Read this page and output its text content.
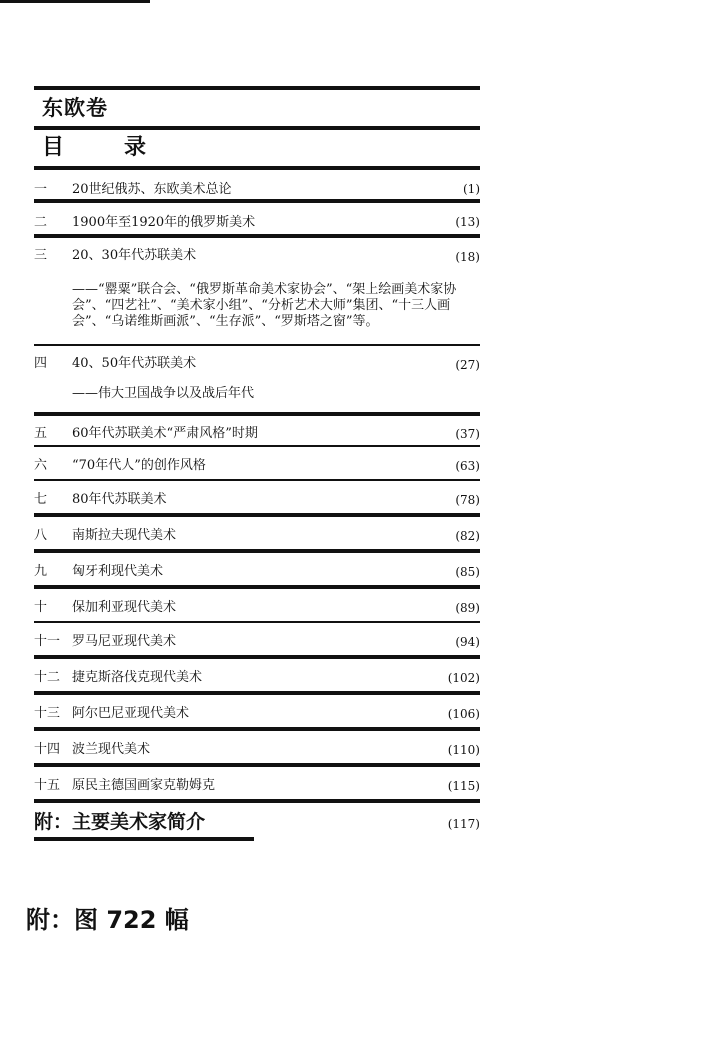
东欧卷
目	录
一	20世纪俄苏、东欧美术总论	(1)
二	1900年至1920年的俄罗斯美术	(13)
三	20、30年代苏联美术	(18)
——“罂粟”联合会、“俄罗斯革命美术家协会”、“架上绘画美术家协会”、“四艺社”、“美术家小组”、“分析艺术大师”集团、“十三人画会”、“乌诺维斯画派”、“生存派”、“罗斯塔之窗”等。
四	40、50年代苏联美术	(27)
——伟大卫国战争以及战后年代
五	60年代苏联美术“严肃风格”时期	(37)
六	“70年代人”的创作风格	(63)
七	80年代苏联美术	(78)
八	南斯拉夫现代美术	(82)
九	匈牙利现代美术	(85)
十	保加利亚现代美术	(89)
十一 罗马尼亚现代美术	(94)
十二 捷克斯洛伐克现代美术	(102)
十三 阿尔巴尼亚现代美术	(106)
十四 波兰现代美术	(110)
十五 原民主德国画家克勒姆克	(115)
附：主要美术家简介	(117)
附：图 722 幅
